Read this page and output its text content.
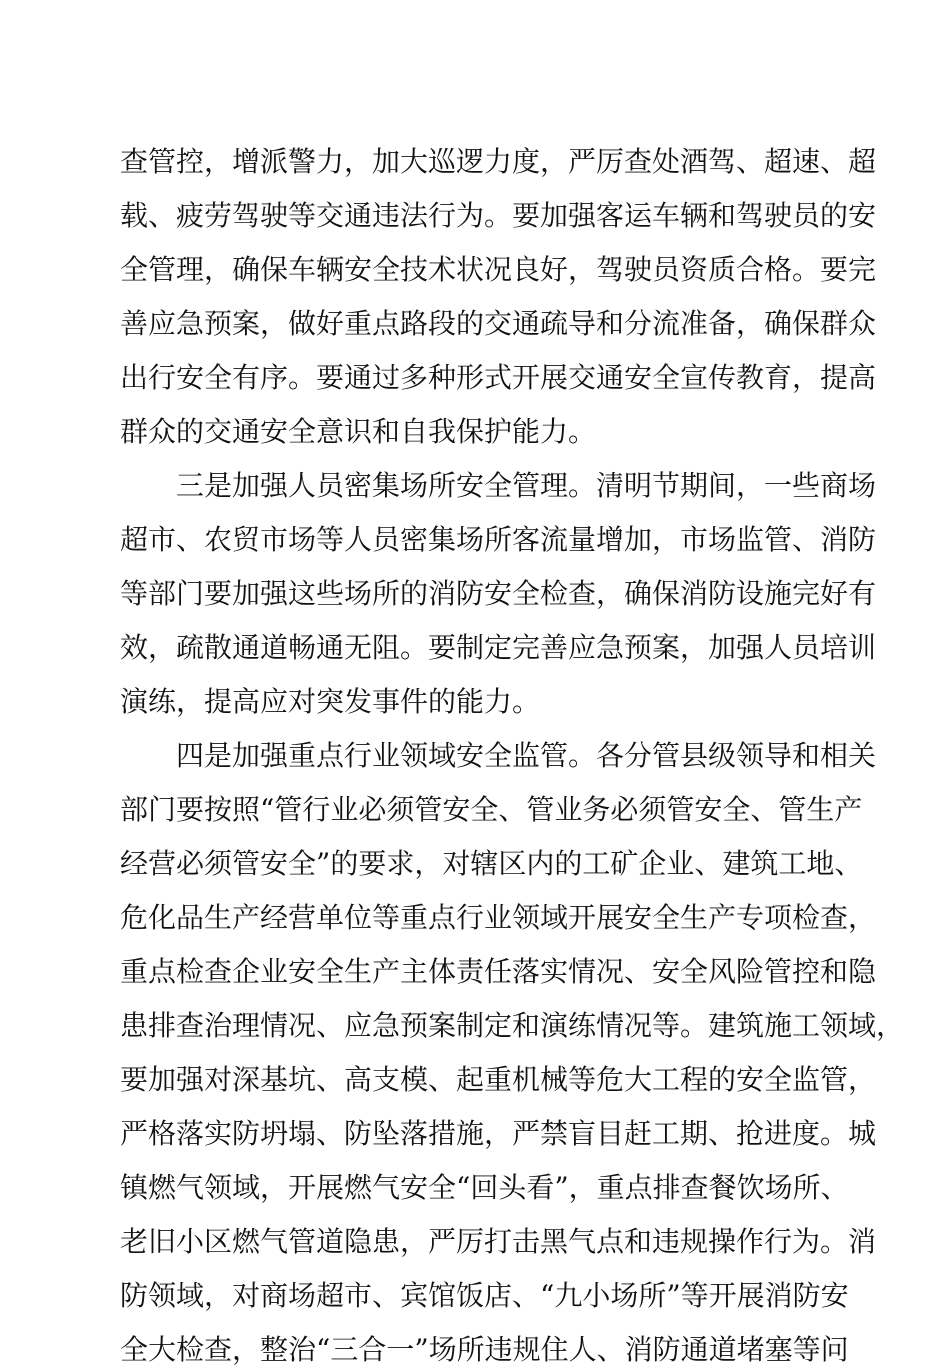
查管控，增派警力，加大巡逻力度，严厉查处酒驾、超速、超
载、疲劳驾驶等交通违法行为。要加强客运车辆和驾驶员的安
全管理，确保车辆安全技术状况良好，驾驶员资质合格。要完
善应急预案，做好重点路段的交通疏导和分流准备，确保群众
出行安全有序。要通过多种形式开展交通安全宣传教育，提高
群众的交通安全意识和自我保护能力。
三是加强人员密集场所安全管理。清明节期间，一些商场
超市、农贸市场等人员密集场所客流量增加，市场监管、消防
等部门要加强这些场所的消防安全检查，确保消防设施完好有
效，疏散通道畅通无阻。要制定完善应急预案，加强人员培训
演练，提高应对突发事件的能力。
四是加强重点行业领域安全监管。各分管县级领导和相关
部门要按照“管行业必须管安全、管业务必须管安全、管生产
经营必须管安全”的要求，对辖区内的工矿企业、建筑工地、
危化品生产经营单位等重点行业领域开展安全生产专项检查，
重点检查企业安全生产主体责任落实情况、安全风险管控和隐
患排查治理情况、应急预案制定和演练情况等。建筑施工领域，
要加强对深基坑、高支模、起重机械等危大工程的安全监管，
严格落实防坍塌、防坠落措施，严禁盲目赶工期、抢进度。城
镇燃气领域，开展燃气安全“回头看”，重点排查餐饮场所、
老旧小区燃气管道隐患，严厉打击黑气点和违规操作行为。消
防领域，对商场超市、宾馆饭店、“九小场所”等开展消防安
全大检查，整治“三合一”场所违规住人、消防通道堵塞等问
